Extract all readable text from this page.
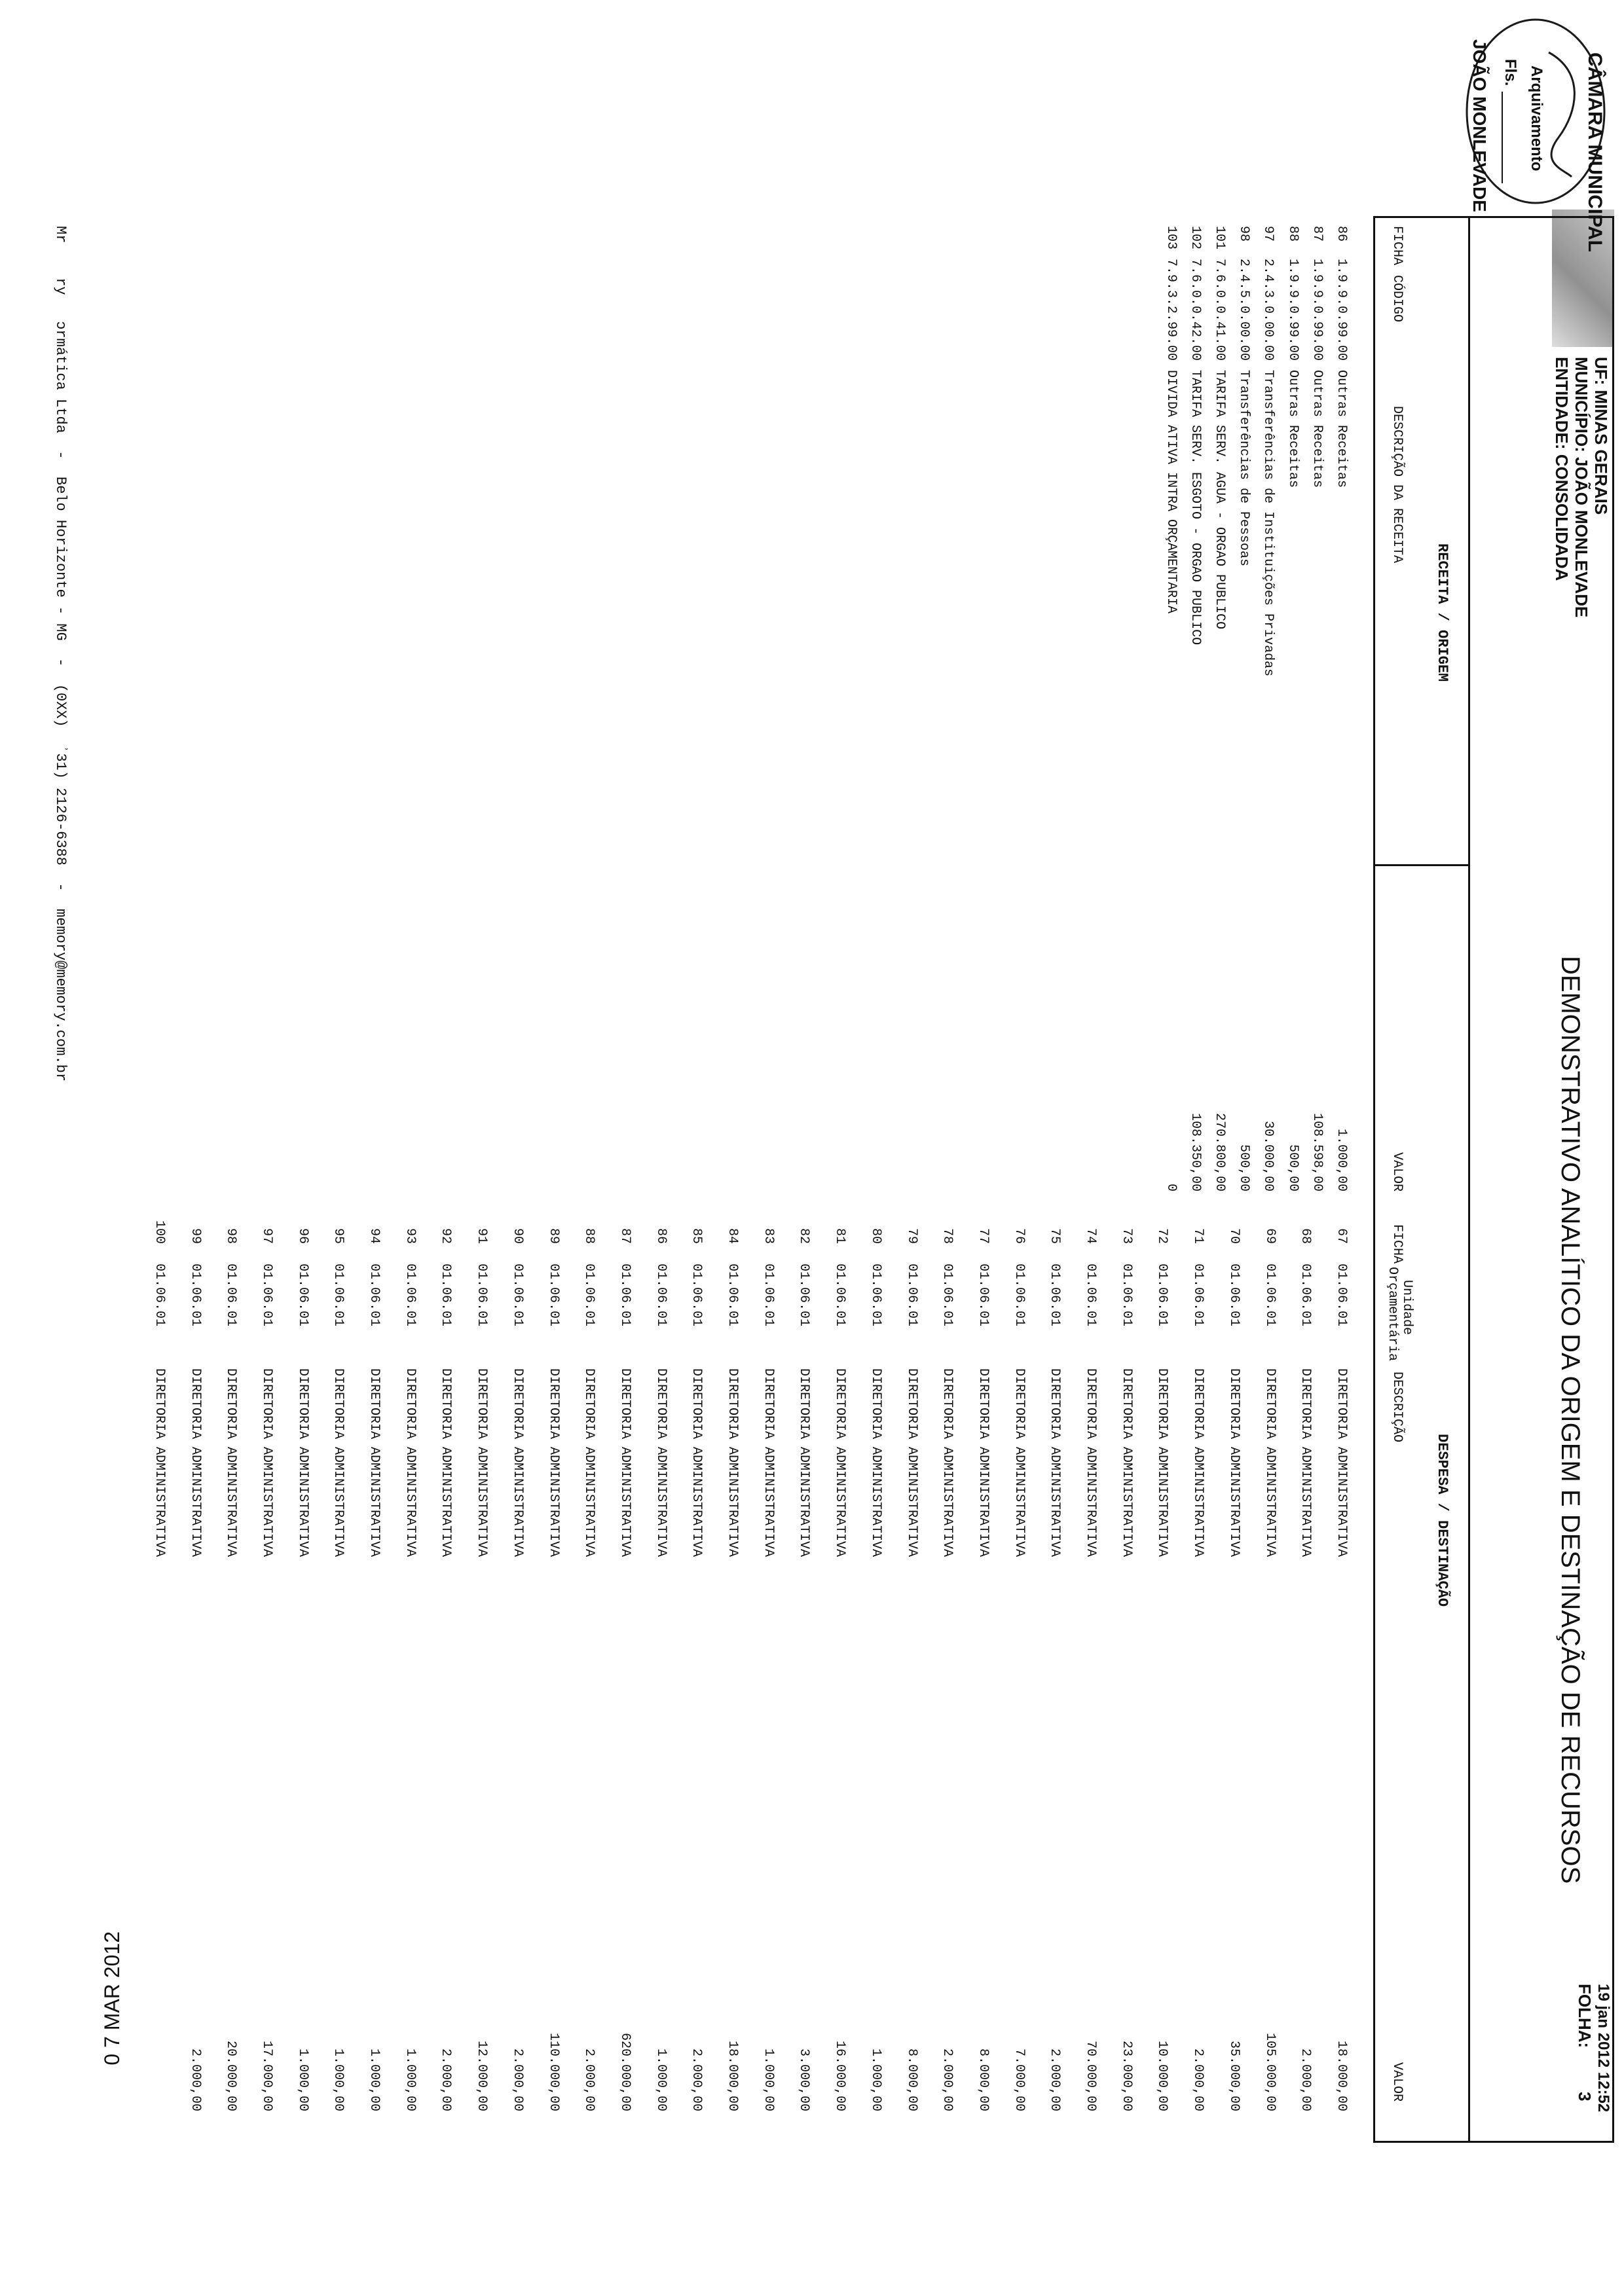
UF: MINAS GERAIS
MUNICÍPIO: JOÃO MONLEVADE
ENTIDADE: CONSOLIDADA
DEMONSTRATIVO ANALÍTICO DA ORIGEM E DESTINAÇÃO DE RECURSOS
19 jan 2012 12:52
FOLHA:
3
RECEITA / ORIGEM
DESPESA / DESTINAÇÃO
FICHA
CÓDIGO
DESCRIÇÃO DA RECEITA
VALOR
FICHA
Unidade
Orçamentária
DESCRIÇÃO
VALOR
86
1.9.9.0.99.00
Outras Receitas
1.000,00
87
1.9.9.0.99.00
Outras Receitas
108.598,00
88
1.9.9.0.99.00
Outras Receitas
500,00
97
2.4.3.0.00.00
Transferências de Instituições Privadas
30.000,00
98
2.4.5.0.00.00
Transferências de Pessoas
500,00
101
7.6.0.0.41.00
TARIFA SERV. AGUA - ORGAO PUBLICO
270.800,00
102
7.6.0.0.42.00
TARIFA SERV. ESGOTO - ORGAO PUBLICO
108.350,00
103
7.9.3.2.99.00
DIVIDA ATIVA INTRA ORÇAMENTARIA
0
67
01.06.01
DIRETORIA ADMINISTRATIVA
18.000,00
68
01.06.01
DIRETORIA ADMINISTRATIVA
2.000,00
69
01.06.01
DIRETORIA ADMINISTRATIVA
105.000,00
70
01.06.01
DIRETORIA ADMINISTRATIVA
35.000,00
71
01.06.01
DIRETORIA ADMINISTRATIVA
2.000,00
72
01.06.01
DIRETORIA ADMINISTRATIVA
10.000,00
73
01.06.01
DIRETORIA ADMINISTRATIVA
23.000,00
74
01.06.01
DIRETORIA ADMINISTRATIVA
70.000,00
75
01.06.01
DIRETORIA ADMINISTRATIVA
2.000,00
76
01.06.01
DIRETORIA ADMINISTRATIVA
7.000,00
77
01.06.01
DIRETORIA ADMINISTRATIVA
8.000,00
78
01.06.01
DIRETORIA ADMINISTRATIVA
2.000,00
79
01.06.01
DIRETORIA ADMINISTRATIVA
8.000,00
80
01.06.01
DIRETORIA ADMINISTRATIVA
1.000,00
81
01.06.01
DIRETORIA ADMINISTRATIVA
16.000,00
82
01.06.01
DIRETORIA ADMINISTRATIVA
3.000,00
83
01.06.01
DIRETORIA ADMINISTRATIVA
1.000,00
84
01.06.01
DIRETORIA ADMINISTRATIVA
18.000,00
85
01.06.01
DIRETORIA ADMINISTRATIVA
2.000,00
86
01.06.01
DIRETORIA ADMINISTRATIVA
1.000,00
87
01.06.01
DIRETORIA ADMINISTRATIVA
620.000,00
88
01.06.01
DIRETORIA ADMINISTRATIVA
2.000,00
89
01.06.01
DIRETORIA ADMINISTRATIVA
110.000,00
90
01.06.01
DIRETORIA ADMINISTRATIVA
2.000,00
91
01.06.01
DIRETORIA ADMINISTRATIVA
12.000,00
92
01.06.01
DIRETORIA ADMINISTRATIVA
2.000,00
93
01.06.01
DIRETORIA ADMINISTRATIVA
1.000,00
94
01.06.01
DIRETORIA ADMINISTRATIVA
1.000,00
95
01.06.01
DIRETORIA ADMINISTRATIVA
1.000,00
96
01.06.01
DIRETORIA ADMINISTRATIVA
1.000,00
97
01.06.01
DIRETORIA ADMINISTRATIVA
17.000,00
98
01.06.01
DIRETORIA ADMINISTRATIVA
20.000,00
99
01.06.01
DIRETORIA ADMINISTRATIVA
2.000,00
100
01.06.01
DIRETORIA ADMINISTRATIVA
CÂMARA MUNICIPAL
Arquivamento
Fls.
JOÃO MONLEVADE
Mr    ry   ɔrmática Ltda  -  Belo Horizonte - MG  -  (0XX)  ʾ31) 2126-6388  -  memory@memory.com.br
0 7 MAR 2012
